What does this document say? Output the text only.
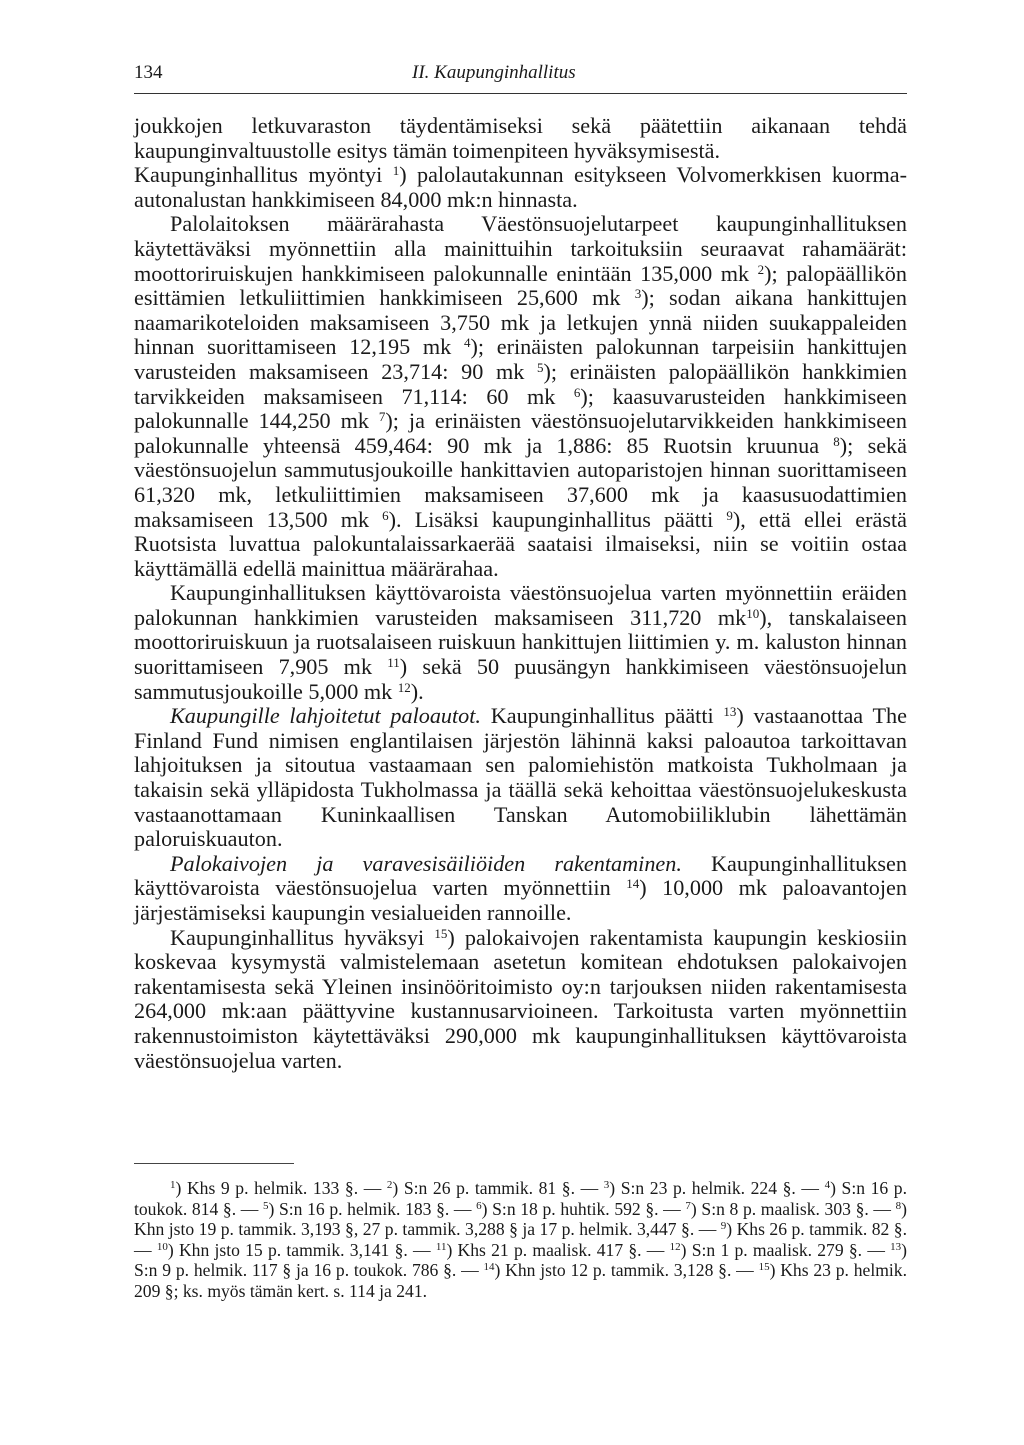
134	II. Kaupunginhallitus

joukkojen letkuvaraston täydentämiseksi sekä päätettiin aikanaan tehdä kaupunginvaltuustolle esitys tämän toimenpiteen hyväksymisestä.

Kaupunginhallitus myöntyi $^1$) palolautakunnan esitykseen Volvomerkkisen kuorma-autonalustan hankkimiseen 84,000 mk:n hinnasta.

Palolaitoksen määrärahasta Väestönsuojelutarpeet kaupunginhallituksen käytettäväksi myönnettiin alla mainittuihin tarkoituksiin seuraavat rahamäärät: moottoriruiskujen hankkimiseen palokunnalle enintään 135,000 mk $^2$); palopäällikön esittämien letkuliittimien hankkimiseen 25,600 mk $^3$); sodan aikana hankittujen naamarikoteloiden maksamiseen 3,750 mk ja letkujen ynnä niiden suukappaleiden hinnan suorittamiseen 12,195 mk $^4$); erinäisten palokunnan tarpeisiin hankittujen varusteiden maksamiseen 23,714: 90 mk $^5$); erinäisten palopäällikön hankkimien tarvikkeiden maksamiseen 71,114: 60 mk $^6$); kaasuvarusteiden hankkimiseen palokunnalle 144,250 mk $^7$); ja erinäisten väestönsuojelutarvikkeiden hankkimiseen palokunnalle yhteensä 459,464: 90 mk ja 1,886: 85 Ruotsin kruunua $^8$); sekä väestönsuojelun sammutusjoukoille hankittavien autoparistojen hinnan suorittamiseen 61,320 mk, letkuliittimien maksamiseen 37,600 mk ja kaasusuodattimien maksamiseen 13,500 mk $^6$). Lisäksi kaupunginhallitus päätti $^9$), että ellei erästä Ruotsista luvattua palokuntalaissarkaerää saataisi ilmaiseksi, niin se voitiin ostaa käyttämällä edellä mainittua määrärahaa.

Kaupunginhallituksen käyttövaroista väestönsuojelua varten myönnettiin eräiden palokunnan hankkimien varusteiden maksamiseen 311,720 $mk^{10}$), tanskalaiseen moottoriruiskuun ja ruotsalaiseen ruiskuun hankittujen liittimien y. m. kaluston hinnan suorittamiseen 7,905 mk $^{11}$) sekä 50 puusängyn hankkimiseen väestönsuojelun sammutusjoukoille 5,000 mk $^{12}$).

Kaupungille lahjoitetut paloautot. Kaupunginhallitus päätti $^{13}$) vastaanottaa The Finland Fund nimisen englantilaisen järjestön lähinnä kaksi paloautoa tarkoittavan lahjoituksen ja sitoutua vastaamaan sen palomiehistön matkoista Tukholmaan ja takaisin sekä ylläpidosta Tukholmassa ja täällä sekä kehoittaa väestönsuojelukeskusta vastaanottamaan Kuninkaallisen Tanskan Automobiiliklubin lähettämän paloruiskuauton.

Palokaivojen ja varavesisäiliöiden rakentaminen. Kaupunginhallituksen käyttövaroista väestönsuojelua varten myönnettiin $^{14}$) 10,000 mk paloavantojen järjestämiseksi kaupungin vesialueiden rannoille.

Kaupunginhallitus hyväksyi $^{15}$) palokaivojen rakentamista kaupungin keskiosiin koskevaa kysymystä valmistelemaan asetetun komitean ehdotuksen palokaivojen rakentamisesta sekä Yleinen insinööritoimisto oy:n tarjouksen niiden rakentamisesta 264,000 mk:aan päättyvine kustannusarvioineen. Tarkoitusta varten myönnettiin rakennustoimiston käytettäväksi 290,000 mk kaupunginhallituksen käyttövaroista väestönsuojelua varten.

$^1$) Khs 9 p. helmik. 133 §. — $^2$) S:n 26 p. tammik. 81 §. — $^3$) S:n 23 p. helmik. 224 §. — $^4$) S:n 16 p. toukok. 814 §. — $^5$) S:n 16 p. helmik. 183 §. — $^6$) S:n 18 p. huhtik. 592 §. — $^7$) S:n 8 p. maalisk. 303 §. — $^8$) Khn jsto 19 p. tammik. 3,193 §, 27 p. tammik. 3,288 § ja 17 p. helmik. 3,447 §. — $^9$) Khs 26 p. tammik. 82 §. — $^{10}$) Khn jsto 15 p. tammik. 3,141 §. — $^{11}$) Khs 21 p. maalisk. 417 §. — $^{12}$) S:n 1 p. maalisk. 279 §. — $^{13}$) S:n 9 p. helmik. 117 § ja 16 p. toukok. 786 §. — $^{14}$) Khn jsto 12 p. tammik. 3,128 §. — $^{15}$) Khs 23 p. helmik. 209 §; ks. myös tämän kert. s. 114 ja 241.
